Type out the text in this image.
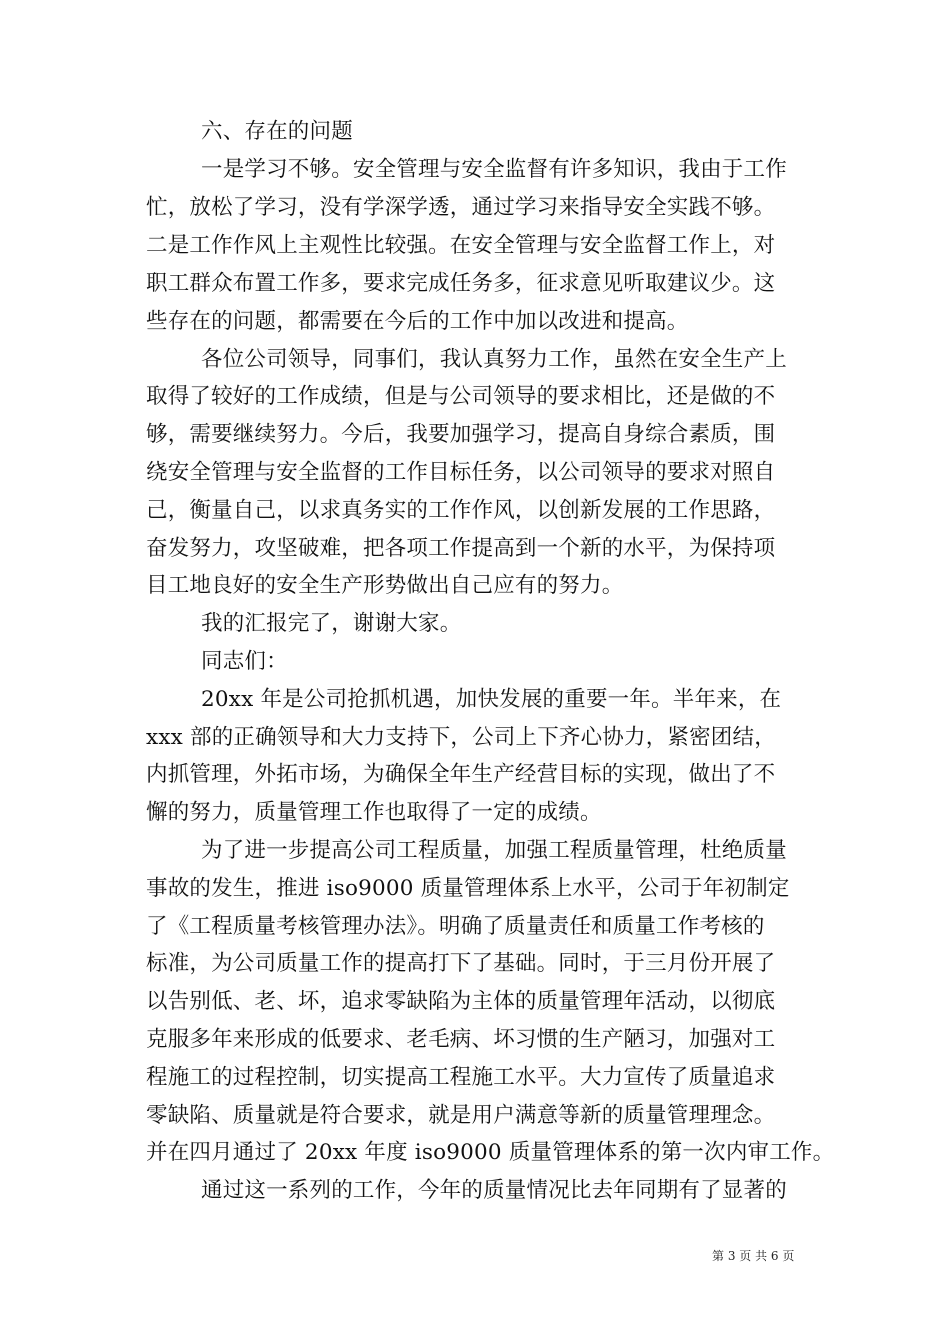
六、存在的问题
一是学习不够。安全管理与安全监督有许多知识，我由于工作
忙，放松了学习，没有学深学透，通过学习来指导安全实践不够。
二是工作作风上主观性比较强。在安全管理与安全监督工作上，对
职工群众布置工作多，要求完成任务多，征求意见听取建议少。这
些存在的问题，都需要在今后的工作中加以改进和提高。
各位公司领导，同事们，我认真努力工作，虽然在安全生产上
取得了较好的工作成绩，但是与公司领导的要求相比，还是做的不
够，需要继续努力。今后，我要加强学习，提高自身综合素质，围
绕安全管理与安全监督的工作目标任务，以公司领导的要求对照自
己，衡量自己，以求真务实的工作作风，以创新发展的工作思路，
奋发努力，攻坚破难，把各项工作提高到一个新的水平，为保持项
目工地良好的安全生产形势做出自己应有的努力。
我的汇报完了，谢谢大家。
同志们：
20xx 年是公司抢抓机遇，加快发展的重要一年。半年来，在
xxx 部的正确领导和大力支持下，公司上下齐心协力，紧密团结，
内抓管理，外拓市场，为确保全年生产经营目标的实现，做出了不
懈的努力，质量管理工作也取得了一定的成绩。
为了进一步提高公司工程质量，加强工程质量管理，杜绝质量
事故的发生，推进 iso9000 质量管理体系上水平，公司于年初制定
了《工程质量考核管理办法》。明确了质量责任和质量工作考核的
标准，为公司质量工作的提高打下了基础。同时，于三月份开展了
以告别低、老、坏，追求零缺陷为主体的质量管理年活动，以彻底
克服多年来形成的低要求、老毛病、坏习惯的生产陋习，加强对工
程施工的过程控制，切实提高工程施工水平。大力宣传了质量追求
零缺陷、质量就是符合要求，就是用户满意等新的质量管理理念。
并在四月通过了 20xx 年度 iso9000 质量管理体系的第一次内审工作。
通过这一系列的工作，今年的质量情况比去年同期有了显著的
第 3 页 共 6 页
